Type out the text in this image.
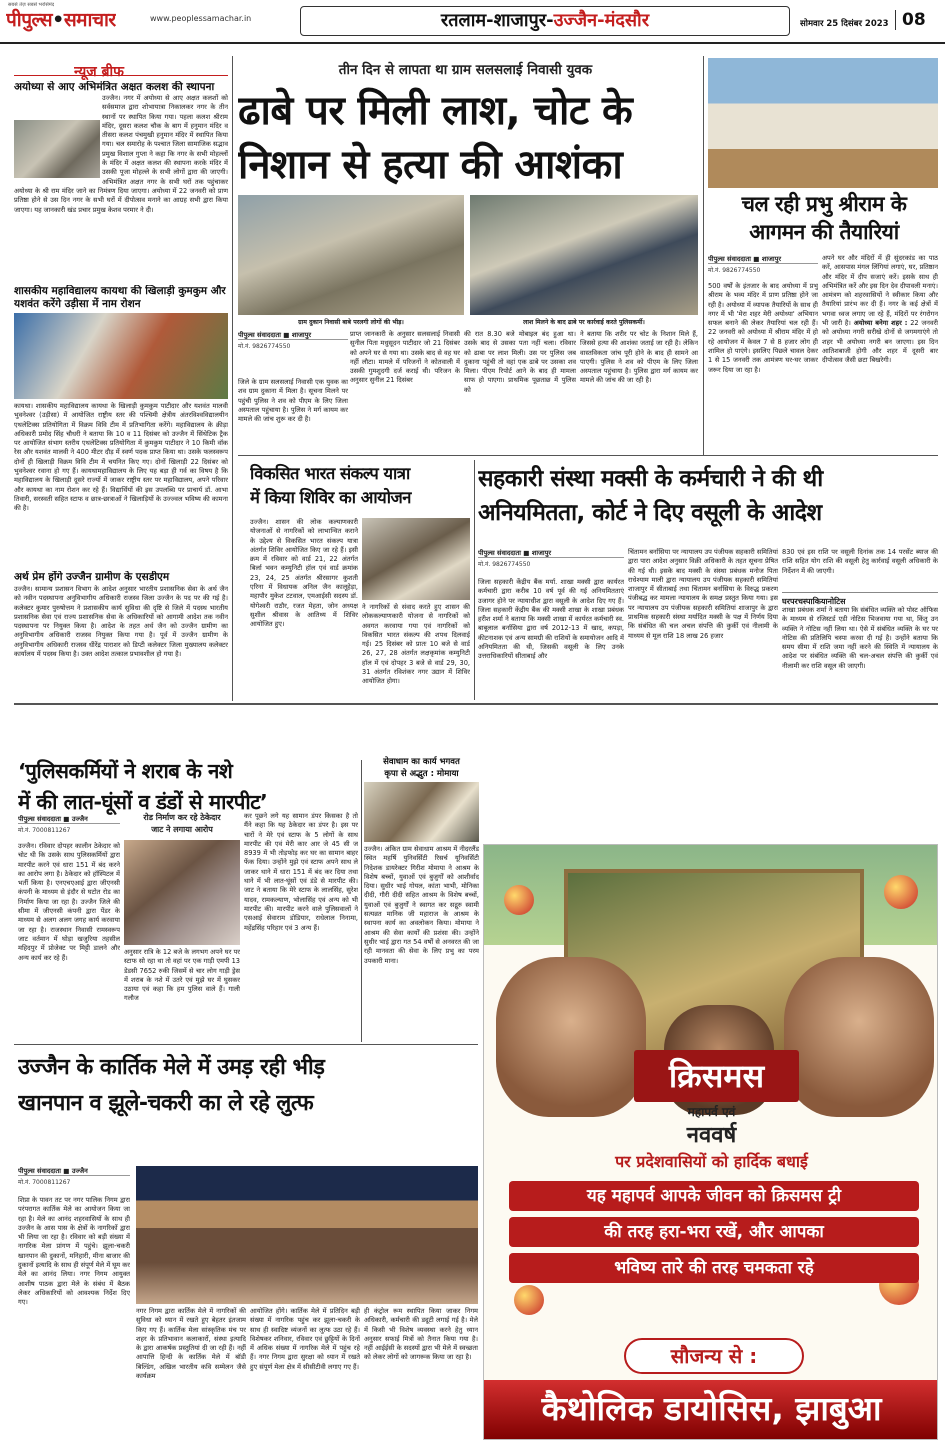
सबसे तेज़ सबसे भरोसेमंद
पीपुल्स•समाचार	www.peoplessamachar.in	रतलाम-शाजापुर-उज्जैन-मंदसौर	सोमवार 25 दिसंबर 2023 08
न्यूज ब्रीफ
अयोध्या से आए अभिमंत्रित अक्षत कलश की स्थापना
उज्जैन। नगर में अयोध्या से आए अक्षत कलशों को सर्वसमाज द्वारा शोभायात्रा निकालकर नगर के तीन स्थानों पर स्थापित किया गया। पहला कलश श्रीराम मंदिर, दूसरा कलश चौक के बाग में हनुमान मंदिर व तीसरा कलश पंचमुखी हनुमान मंदिर में स्थापित किया गया। चल समारोह के पश्चात जिला सामाजिक सद्भाव प्रमुख विशाल गुप्ता ने कहा कि नगर के सभी मोहल्लों के मंदिर में अक्षत कलश की स्थापना करके मंदिर में उसकी पूजा मोहल्ले के सभी लोगों द्वारा की जाएगी। अभिमंत्रित अक्षत नगर के सभी घरों तक पहुंचाकर अयोध्या के श्री राम मंदिर जाने का निमंत्रण दिया जाएगा। अयोध्या में 22 जनवरी को प्राण प्रतिष्ठा होने से उस दिन नगर के सभी घरों में दीपोत्सव मनाने का आग्रह सभी द्वारा किया जाएगा। यह जानकारी खंड प्रचार प्रमुख केशव परमार ने दी।
शासकीय महाविद्यालय कायथा की खिलाड़ी कुमकुम और यशवंत करेंगे उड़ीसा में नाम रोशन
कायथा। शासकीय महाविद्यालय कायथा के खिलाड़ी कुमकुम पाटीदार और यशवंत मालवी भुवनेश्वर (उड़ीसा) में आयोजित राष्ट्रीय स्तर की पश्चिमी क्षेत्रीय अंतरविश्वविद्यालयीन एथलेटिक्स प्रतियोगिता में विक्रम विवि टीम में प्रतिभागिता करेंगे। महाविद्यालय के क्रीड़ा अधिकारी प्रमोद सिंह चौधरी ने बताया कि 10 व 11 दिसंबर को उज्जैन में सिंथेटिक ट्रैक पर आयोजित संभाग स्तरीय एथलेटिक्स प्रतियोगिता में कुमकुम पाटीदार ने 10 किमी वॉक रेस और यशवंत मालवी ने 400 मीटर दौड़ में स्वर्ण पदक प्राप्त किया था। उसके फलस्वरूप दोनों ही खिलाड़ी विक्रम विवि टीम में चयनित किए गए। दोनों खिलाड़ी 22 दिसंबर को भुवनेश्वर रवाना हो गए हैं। कायथामहाविद्यालय के लिए यह बड़ा ही गर्व का विषय है कि महाविद्यालय के खिलाड़ी दूसरे राज्यों में जाकर राष्ट्रीय स्तर पर महाविद्यालय, अपने परिवार और कायथा का नाम रोशन कर रहे हैं। विद्यार्थियों की इस उपलब्धि पर प्राचार्य डॉ. आभा तिवारी, सरस्वती सहित स्टाफ व छात्र-छात्राओं ने खिलाड़ियों के उज्ज्वल भविष्य की कामना की है।
अर्थ प्रेम होंगे उज्जैन ग्रामीण के एसडीएम
उज्जैन। सामान्य प्रशासन विभाग के आदेश अनुसार भारतीय प्रशासनिक सेवा के अर्थ जैन को नवीन पदस्थापना अनुविभागीय अधिकारी राजस्व जिला उज्जैन के पद पर की गई है। कलेक्टर कुमार पुरुषोत्तम ने प्रशासकीय कार्य सुविधा की दृष्टि से जिले में पदस्थ भारतीय प्रशासनिक सेवा एवं राज्य प्रशासनिक सेवा के अधिकारियों को आगामी आदेश तक नवीन पदस्थापना पर नियुक्त किया है। आदेश के तहत अर्थ जैन को उज्जैन ग्रामीण का अनुविभागीय अधिकारी राजस्व नियुक्त किया गया है। पूर्व में उज्जैन ग्रामीण के अनुविभागीय अधिकारी राजस्व धीरेंद्र पाराशर को डिप्टी कलेक्टर जिला मुख्यालय कलेक्टर कार्यालय में पदस्थ किया है। उक्त आदेश तत्काल प्रभावशील हो गया है।
तीन दिन से लापता था ग्राम सलसलाई निवासी युवक
ढाबे पर मिली लाश, चोट के
निशान से हत्या की आशंका
ग्राम दुकान निवासी बाबे परलगी लोगों की भीड़।	लाश मिलने के बाद ढाबे पर कार्रवाई करते पुलिसकर्मी।
पीपुल्स संवाददाता ■ शाजापुर
मो.नं. 9826774550
जिले के ग्राम सलसलाई निवासी एक युवक का शव ग्राम दुकाना में मिला है। सूचना मिलने पर पहुंची पुलिस ने शव को पीएम के लिए जिला अस्पताल पहुंचाया है। पुलिस ने मर्ग कायम कर मामले की जांच शुरू कर दी है।
प्राप्त जानकारी के अनुसार सलसलाई निवासी सुनील पिता मधुसूदन पाटीदार जो 21 दिसंबर को अपने घर से गया था। उसके बाद से वह घर नहीं लौटा। मामले में परिजनों ने कोतवाली में उसकी गुमशुदगी दर्ज कराई थी। परिजन के अनुसार सुनील 21 दिसंबर
की रात 8.30 बजे मोबाइल बंद हुआ था। उसके बाद से उसका पता नहीं चला। रविवार को ढाबा पर लाश मिली। उस पर पुलिस जब दुकाना पहुंची तो वहां एक ढाबे पर उसका शव मिला। पीएम रिपोर्ट आने के बाद ही मामला साफ हो पाएगा। प्राथमिक पूछताछ में पुलिस को
ने बताया कि शरीर पर चोट के निशान मिले हैं, जिससे हत्या की आशंका जताई जा रही है। लेकिन वास्तविकता जांच पूरी होने के बाद ही सामने आ पाएगी। पुलिस ने शव को पीएम के लिए जिला अस्पताल पहुंचाया है। पुलिस द्वारा मर्ग कायम कर मामले की जांच की जा रही है।
चल रही प्रभु श्रीराम के
आगमन की तैयारियां
पीपुल्स संवाददाता ■ शाजापुर
मो.नं. 9826774550
500 वर्षों के इंतजार के बाद अयोध्या में प्रभु श्रीराम के भव्य मंदिर में प्राण प्रतिष्ठा होने जा रही है। अयोध्या में व्यापक तैयारियों के साथ ही नगर में भी 'मेरा शहर मेरी अयोध्या' अभियान सफल बनाने की लेकर तैयारियां चल रही हैं। 22 जनवरी को अयोध्या में श्रीराम मंदिर में हो रहे आयोजन में केवल 7 से 8 हजार लोग ही शामिल हो पाएंगे। इसलिए पिछले चावल देकर 1 से 15 जनवरी तक आमंत्रण घर-घर जाकर जरूर दिया जा रहा है।
अपने घर और मंदिरों में ही सुंदरकांड का पाठ करें, आसपास मंगल लिंगियां लगाएं, घर, प्रतिष्ठान और मंदिर में दीप सजाएं करें। इसके साथ ही अभिमंत्रित करें और इस दिन देव दीपावली मनाएं। आमंत्रण को शहरवासियों ने स्वीकार किया और तैयारियां प्रारंभ कर दी हैं। नगर के कई क्षेत्रों में भगवा ध्वज लगाए जा रहे हैं, मंदिरों पर रंगरोगन भी जारी है। अयोध्या बनेगा शहर : 22 जनवरी को अयोध्या नगरी सरीखे दोनों से जगमगाएंगे तो शहर भी अयोध्या नगरी बन जाएगा। इस दिन आतिशबाजी होगी और शहर में दूसरी बार दीपोत्सव जैसी छटा बिखरेगी।
विकसित भारत संकल्प यात्रा
में किया शिविर का आयोजन
उज्जैन। शासन की लोक कल्याणकारी योजनाओं से नागरिकों को लाभान्वित कराने के उद्देश्य से विकसित भारत संकल्प यात्रा अंतर्गत शिविर आयोजित किए जा रहे हैं। इसी क्रम में रविवार को वार्ड 21, 22 अंतर्गत बिर्ला भवन कम्युनिटी हॉल एवं वार्ड क्रमांक 23, 24, 25 अंतर्गत श्रीरसागर कुशती एरिना में विधायक अनिल जैन कालूहेड़ा, महापौर मुकेश टटवाल, एमआईसी सदस्य डॉ. योगेश्वरी राठौर, रजत मेहता, जोन अध्यक्ष सुशील श्रीवास के आतिथ्य में शिविर आयोजित हुए।
ने नागरिकों से संवाद करते हुए शासन की लोककल्याणकारी योजना से नागरिकों को अवगत करवाया गया एवं नागरिकों को विकसित भारत संकल्प की शपथ दिलवाई गई। 25 दिसंबर को प्रातः 10 बजे से वार्ड 26, 27, 28 अंतर्गत लक्षकृमांक कम्युनिटी हॉल में एवं दोपहर 3 बजे से वार्ड 29, 30, 31 अंतर्गत रविशंकर नगर उद्यान में शिविर आयोजित होगा।
सहकारी संस्था मक्सी के कर्मचारी ने की थी
अनियमितता, कोर्ट ने दिए वसूली के आदेश
पीपुल्स संवाददाता ■ शाजापुर
मो.नं. 9826774550
जिला सहकारी केंद्रीय बैंक मर्या. शाखा मक्सी द्वारा कार्यरत कर्मचारी द्वारा करीब 10 वर्ष पूर्व की गई अनियमितताएं उजागर होने पर न्यायाधीश द्वारा वसूली के आदेश दिए गए हैं। जिला सहकारी केंद्रीय बैंक की मक्सी शाखा के शाखा प्रबंधक हरीश शर्मा ने बताया कि मक्सी शाखा में कार्यरत कर्मचारी स्व. बाबूलाल बर्नासिया द्वारा वर्ष 2012-13 में खाद, कपड़ा, कीटनाशक एवं अन्य सामग्री की राशियों के समायोजन आदि में अनियमितता की थी, जिसकी वसूली के लिए उनके उत्तराधिकारियों सीताबाई और
चिंतामन बर्नासिया पर न्यायालय उप पंजीयक सहकारी समितियां द्वारा पारा आदेश अनुसार विक्री अधिकारी के तहत सूचना प्रेषित की गई थी। इसके बाद मक्सी के संस्था प्रबंधक मनोज पिता राधेश्याम माली द्वारा न्यायालय उप पंजीयक सहकारी समितियां शाजापुर में सीताबाई तथा चिंतामन बर्नासिया के विरुद्ध प्रकरण पंजीबद्ध कर मामला न्यायालय के समक्ष प्रस्तुत किया गया। इस पर न्यायालय उप पंजीयक सहकारी समितियां शाजापुर के द्वारा प्राथमिक सहकारी संस्था मर्यादित मक्सी के पक्ष में निर्णय दिया कि संबंधित की चल अचल संपत्ति की कुर्की एवं नीलामी के माध्यम से मूल राशि 18 लाख 26 हजार
830 एवं इस राशि पर वसूली दिनांक तक 14 परसेंट ब्याज की राशि सहित योग राशि की वसूली हेतु कार्रवाई वसूली अधिकारी के निर्देशन में की जाएगी।
घरपरचस्पाकियानोटिस
शाखा प्रबंधक शर्मा ने बताया कि संबंधित व्यक्ति को पोस्ट ऑफिस के माध्यम से रजिस्टर्ड एडी नोटिस भिजवाया गया था, किंतु उन व्यक्ति ने नोटिस नहीं लिया था। ऐसे में संबंधित व्यक्ति के घर पर नोटिस की प्रतिलिपि चस्पा करवा दी गई है। उन्होंने बताया कि समय सीमा में राशि जमा नहीं करने की स्थिति में न्यायालय के आदेश पर संबंधित व्यक्ति की चल-अचल संपत्ति की कुर्की एवं नीलामी कर राशि वसूल की जाएगी।
‘पुलिसकर्मियों ने शराब के नशे
में की लात-घूंसों व डंडों से मारपीट’
पीपुल्स संवाददाता ■ उज्जैन
मो.नं. 7000811267
उज्जैन। रविवार दोपहर कालीन ठेकेदार को चोट थी कि उसके साथ पुलिसकर्मियों द्वारा मारपीट करने एवं धारा 151 में बंद करने का आरोप लगा है। ठेकेदार को हॉस्पिटल में भर्ती किया है। एनएचएआई द्वारा जीएनसी कंपनी के माध्यम से इंदौर से घटोत रोड का निर्माण किया जा रहा है। उज्जैन जिले की सीमा में जीएनसी कंपनी द्वारा पेंडर के माध्यम से अलग अलग जगह कार्य करवाया जा रहा है। राजस्थान निवासी रामस्वरूप जाट वर्तमान में घोड़ा खजुरिया तहसील महिदपुर में प्रोजेक्ट पर मिट्टी डालने और अन्य कार्य कर रहे हैं।
रोड निर्माण कर रहे ठेकेदार
जाट ने लगाया आरोप
अनुसार रात्रि के 12 बजे के लगभग अपने घर पर स्टाफ सो रहा था तो वहां पर एक गाड़ी एमपी 13 डेडसी 7652 रुकी जिसमें से चार लोग गाड़ी ड्रेस में शराब के नशे में उतरे एवं मुझे घर में घुसकर उठाया एवं कहा कि हम पुलिस वाले हैं। गाली गलौज
कर पूछने लगे यह सामान डंपर किसका है तो मैंने कहा कि यह ठेकेदार का डंपर है। इस पर चारों ने मेरे एवं स्टाफ के 5 लोगों के साथ मारपीट की एवं मेरी कार आर जे 45 सी ज 8939 में भी तोड़फोड़ कर घर का सामान बाहर फेंक दिया। उन्होंने मुझे एवं स्टाफ अपने साथ ले जाकर थाने में धारा 151 में बंद कर दिया तथा थाने में भी लात-घूंसों एवं डंडे से मारपीट की। जाट ने बताया कि मेरे स्टाफ के लालसिंह, सुरेश यादव, रामकल्याण, भोलासिंह एवं अन्य को भी मारपीट की। मारपीट करने वाले पुलिसवालों ने एसआई सेवाराम डोडियार, राधेलाल निनामा, महेंद्रसिंह परिहार एवं 3 अन्य हैं।
सेवाधाम का कार्य भगवत
कृपा से अद्भुत : मोमाया
उज्जैन। अंकित ग्राम सेवाधाम आश्रम में नीदरलैंड स्थित महर्षि युनिवर्सिटी रिसर्च यूनिवर्सिटी निदेशक डायरेक्टर गिरीश मोमाया ने आश्रम के विशेष बच्चों, युवाओं एवं बुजुर्गों को आशीर्वाद दिया। सुधीर भाई गोयल, कांता भाभी, मोनिका दीदी, गौरी दीदी सहित आश्रम के विशेष बच्चों, युवाओं एवं बुजुर्गों ने स्वागत कर सद्गुरु स्वामी सत्यव्रत मानिक जी महाराज के आश्रम के स्थापना कार्य का अवलोकन किया। मोमाया ने आश्रम की सेवा कार्यों की प्रशंसा की। उन्होंने सुधीर भाई द्वारा गत 54 वर्षों से अनवरत की जा रही मानवता की सेवा के लिए प्रभु का परम उपकारी माना।
उज्जैन के कार्तिक मेले में उमड़ रही भीड़
खानपान व झूले-चकरी का ले रहे लुत्फ
पीपुल्स संवाददाता ■ उज्जैन
मो.नं. 7000811267
शिप्रा के पावन तट पर नगर पालिक निगम द्वारा परंपरागत कार्तिक मेले का आयोजन किया जा रहा है। मेले का आनंद शहरवासियों के साथ ही उज्जैन के आस पास के क्षेत्रों के नागरिकों द्वारा भी लिया जा रहा है। रविवार को बड़ी संख्या में नागरिक मेला प्रांगण में पहुंचे। झूला-चकरी खानपान की दुकानों, मनिहारी, मीना बाजार की दुकानों इत्यादि के साथ ही संपूर्ण मेले में घूम कर मेले का आनंद लिया। नगर निगम आयुक्त आशीष पाठक द्वारा मेले के संबंध में बैठक लेकर अधिकारियों को आवश्यक निर्देश दिए गए।
नगर निगम द्वारा कार्तिक मेले में नागरिकों की सुविधा को ध्यान में रखते हुए बेहतर इंतजाम किए गए हैं। कार्तिक मेला सांस्कृतिक मंच पर शहर के प्रतिभावान कलाकारों, संस्था इत्यादि के द्वारा आकर्षक प्रस्तुतियां दी जा रही हैं। नहीं आपात्ति हिन्दी के कार्तिक मेले में बॉडी बिल्डिंग, अखिल भारतीय कवि सम्मेलन जैसे कार्यक्रम
आयोजित होंगे। कार्तिक मेले में प्रतिदिन बड़ी संख्या में नागरिक पहुंच कर झूला-चकरी के साथ ही स्वादिष्ट व्यंजनों का लुत्फ उठा रहे हैं। विशेषकर शनिवार, रविवार एवं छुट्टियों के दिनों में अधिक संख्या में नागरिक मेले में पहुंच रहे हैं। नगर निगम द्वारा सुरक्षा को ध्यान में रखते हुए संपूर्ण मेला क्षेत्र में सीसीटीवी लगाए गए हैं।
ही कंट्रोल रूम स्थापित किया जाकर निगम अधिकारी, कर्मचारी की ड्यूटी लगाई गई है। मेले में किसी भी विशेष व्यवस्था करने हेतु ध्यान अनुसार सफाई मित्रों को तैनात किया गया है। नहीं आईईसी के सदस्यों द्वारा भी मेले में स्वच्छता को लेकर लोगों को जागरूक किया जा रहा है।
क्रिसमस
महापर्व एवं
नववर्ष
पर प्रदेशवासियों को हार्दिक बधाई
यह महापर्व आपके जीवन को क्रिसमस ट्री
की तरह हरा-भरा रखें, और आपका
भविष्य तारे की तरह चमकता रहे
सौजन्य से :
कैथोलिक डायोसिस, झाबुआ
